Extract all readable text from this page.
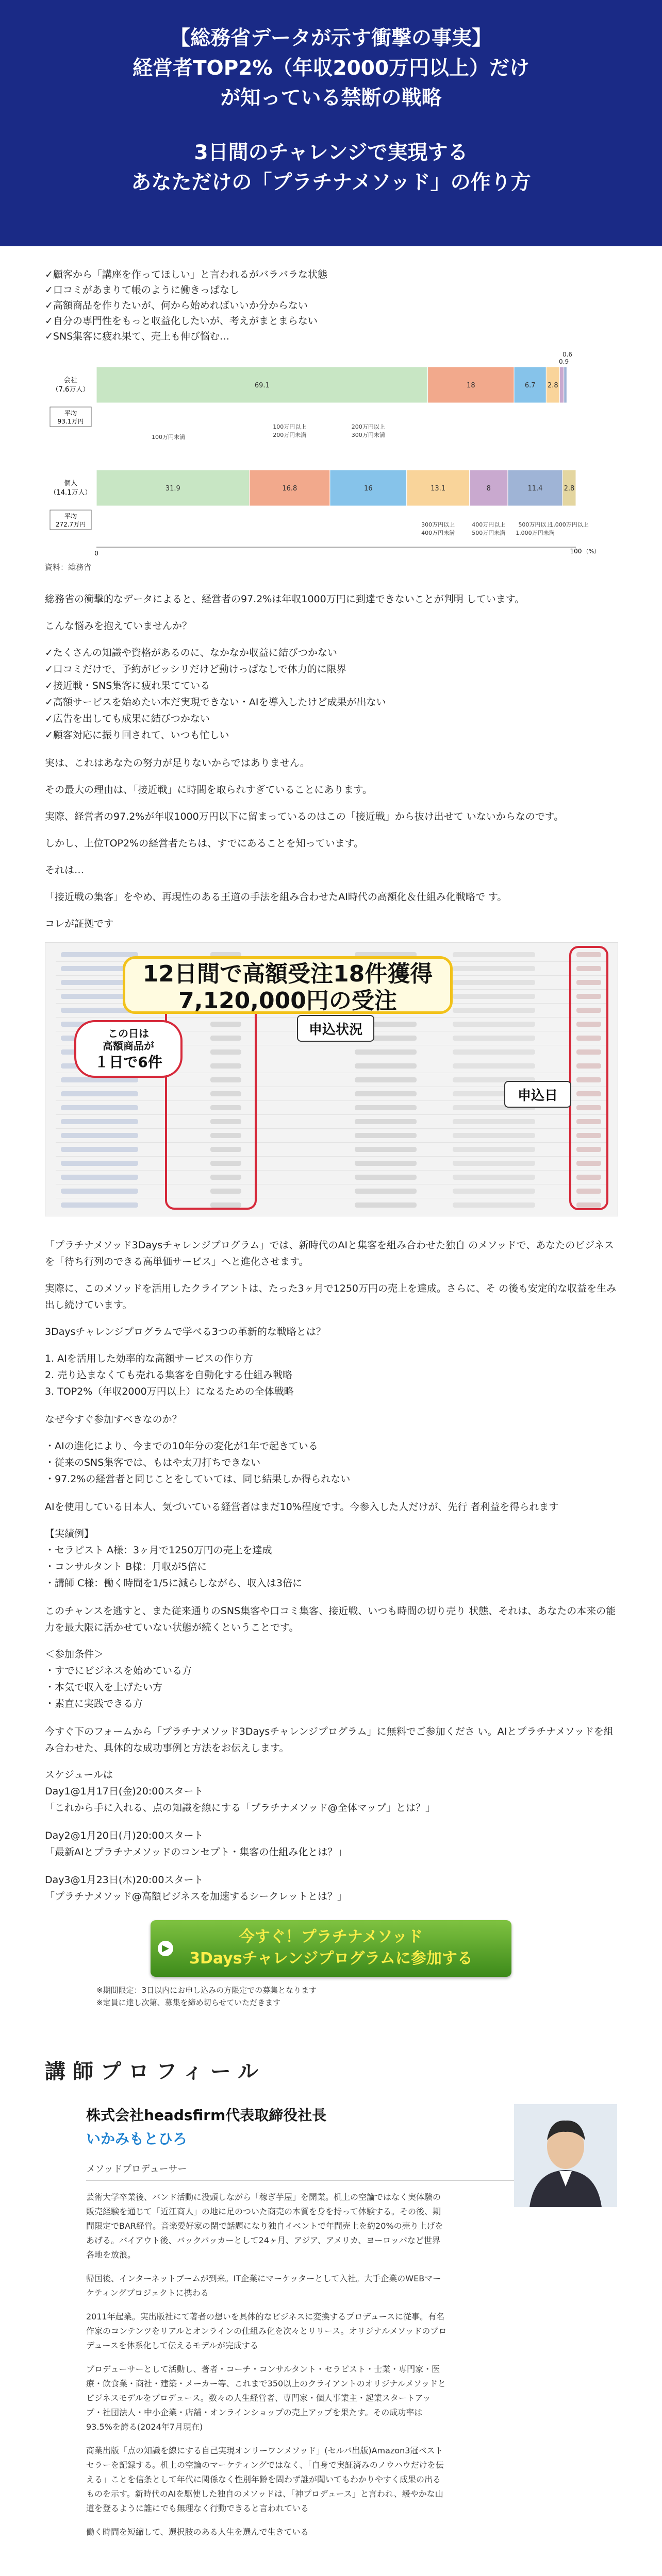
【総務省データが示す衝撃の事実】
経営者TOP2%（年収2000万円以上）だけ
が知っている禁断の戦略
3日間のチャレンジで実現する
あなただけの「プラチナメソッド」の作り方
✓顧客から「講座を作ってほしい」と言われるがバラバラな状態
✓口コミがあまりて帳のように働きっぱなし
✓高額商品を作りたいが、何から始めればいいか分からない
✓自分の専門性をもっと収益化したいが、考えがまとまらない
✓SNS集客に疲れ果て、売上も伸び悩む…
会社
（7.6万人）
平均
93.1万円
69.1	18	6.7 2.8
0.9
0.6
個人
（14.1万人）
平均
272.7万円
31.9	16.8	16	13.1	8	11.4	2.8
100万円未満
100万円以上
200万円未満
200万円以上
300万円未満
300万円以上
400万円未満
400万円以上
500万円未満
500万円以上
1,000万円未満
1,000万円以上
0	100 （%）
資料：総務省

総務省の衝撃的なデータによると、経営者の97.2%は年収1000万円に到達できないことが判明 しています。

こんな悩みを抱えていませんか？

✓たくさんの知識や資格があるのに、なかなか収益に結びつかない
✓口コミだけで、予約がビッシリだけど動けっぱなしで体力的に限界
✓接近戦・SNS集客に疲れ果てている
✓高額サービスを始めたい本だ実現できない・AIを導入したけど成果が出ない
✓広告を出しても成果に結びつかない
✓顧客対応に振り回されて、いつも忙しい

実は、これはあなたの努力が足りないからではありません。

その最大の理由は、「接近戦」に時間を取られすぎていることにあります。

実際、経営者の97.2%が年収1000万円以下に留まっているのはこの「接近戦」から抜け出せて いないからなのです。

しかし、上位TOP2%の経営者たちは、すでにあることを知っています。

それは…

「接近戦の集客」をやめ、再現性のある王道の手法を組み合わせたAI時代の高額化＆仕組み化戦略で す。

コレが証拠です

12日間で高額受注18件獲得
7,120,000円の受注
この日は
高額商品が
１日で6件
申込状況
申込日

「プラチナメソッド3Daysチャレンジプログラム」では、新時代のAIと集客を組み合わせた独自 のメソッドで、あなたのビジネスを「待ち行列のできる高単価サービス」へと進化させます。

実際に、このメソッドを活用したクライアントは、たった3ヶ月で1250万円の売上を達成。さらに、そ の後も安定的な収益を生み出し続けています。

3Daysチャレンジプログラムで学べる3つの革新的な戦略とは？

1. AIを活用した効率的な高額サービスの作り方
2. 売り込まなくても売れる集客を自動化する仕組み戦略
3. TOP2%（年収2000万円以上）になるための全体戦略

なぜ今すぐ参加すべきなのか？

・AIの進化により、今までの10年分の変化が1年で起きている
・従来のSNS集客では、もはや太刀打ちできない
・97.2%の経営者と同じことをしていては、同じ結果しか得られない

AIを使用している日本人、気づいている経営者はまだ10%程度です。今参入した人だけが、先行 者利益を得られます

【実績例】
・セラピスト A様：3ヶ月で1250万円の売上を達成
・コンサルタント B様：月収が5倍に
・講師 C様：働く時間を1/5に減らしながら、収入は3倍に

このチャンスを逃すと、また従来通りのSNS集客や口コミ集客、接近戦、いつも時間の切り売り 状態、それは、あなたの本来の能力を最大限に活かせていない状態が続くということです。

＜参加条件＞
・すでにビジネスを始めている方
・本気で収入を上げたい方
・素直に実践できる方

今すぐ下のフォームから「プラチナメソッド3Daysチャレンジプログラム」に無料でご参加くださ い。AIとプラチナメソッドを組み合わせた、具体的な成功事例と方法をお伝えします。

スケジュールは
Day1@1月17日(金)20:00スタート
「これから手に入れる、点の知識を線にする「プラチナメソッド@全体マップ」とは？」
Day2@1月20日(月)20:00スタート
「最新AIとプラチナメソッドのコンセプト・集客の仕組み化とは？」
Day3@1月23日(木)20:00スタート
「プラチナメソッド@高額ビジネスを加速するシークレットとは？」
▶
今すぐ！プラチナメソッド
3Daysチャレンジプログラムに参加する
※期間限定：3日以内にお申し込みの方限定での募集となります
※定員に達し次第、募集を締め切らせていただきます
講師プロフィール
株式会社headsfirm代表取締役社長
いかみもとひろ
メソッドプロデューサー

芸術大学卒業後、バンド活動に没頭しながら「稼ぎ芋屋」を開業。机上の空論ではなく実体験の販売経験を通じて「近江商人」の地に足のついた商売の本質を身を持って体験する。その後、期間限定でBAR経営。音楽愛好家の閉で話題になり独自イベントで年間売上を約20%の売り上げをあげる。バイアウト後、バックパッカーとして24ヶ月、アジア、アメリカ、ヨーロッパなど世界各地を放浪。

帰国後、インターネットブームが到来。IT企業にマーケッターとして入社。大手企業のWEBマーケティングプロジェクトに携わる

2011年起業。実出版社にて著者の想いを具体的なビジネスに変換するプロデュースに従事。有名作家のコンテンツをリアルとオンラインの仕組み化を次々とリリース。オリジナルメソッドのプロデュースを体系化して伝えるモデルが完成する

プロデューサーとして活動し、著者・コーチ・コンサルタント・セラピスト・士業・専門家・医療・飲食業・商社・建築・メーカー等、これまで350以上のクライアントのオリジナルメソッドとビジネスモデルをプロデュース。数々の人生経営者、専門家・個人事業主・起業スタートアップ・社団法人・中小企業・店舗・オンラインショップの売上アップを果たす。その成功率は93.5%を誇る(2024年7月現在)

商業出版「点の知識を線にする自己実現オンリーワンメソッド」(セルバ出版)Amazon3冠ベストセラーを記録する。机上の空論のマーケティングではなく、「自身で実証済みのノウハウだけを伝える」ことを信条として年代に関係なく性別年齢を問わず誰が聞いてもわかりやすく成果の出るものを示す。新時代のAIを駆使した独自のメソッドは、「神プロデュース」と言われ、緩やかな山道を登るように誰にでも無理なく行動できると言われている

働く時間を短縮して、選択肢のある人生を選んで生きている
